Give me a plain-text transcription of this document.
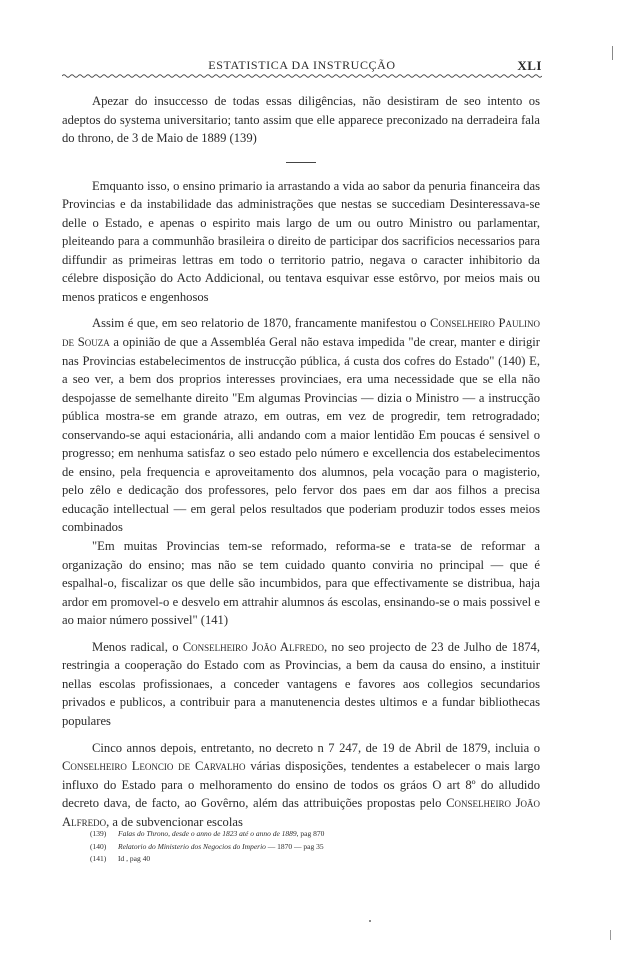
ESTATISTICA DA INSTRUCÇÃO	XLI

Apezar do insuccesso de todas essas diligências, não desistiram de seo intento os adeptos do systema universitario; tanto assim que elle apparece preconizado na derradeira fala do throno, de 3 de Maio de 1889 (139)

Emquanto isso, o ensino primario ia arrastando a vida ao sabor da penuria financeira das Provincias e da instabilidade das administrações que nestas se succediam Desinteressava-se delle o Estado, e apenas o espirito mais largo de um ou outro Ministro ou parlamentar, pleiteando para a communhão brasileira o direito de participar dos sacrificios necessarios para diffundir as primeiras lettras em todo o territorio patrio, negava o caracter inhibitorio da célebre disposição do Acto Addicional, ou tentava esquivar esse estôrvo, por meios mais ou menos praticos e engenhosos

Assim é que, em seo relatorio de 1870, francamente manifestou o Conselheiro Paulino de Souza a opinião de que a Assembléa Geral não estava impedida "de crear, manter e dirigir nas Provincias estabelecimentos de instrucção pública, á custa dos cofres do Estado" (140) E, a seo ver, a bem dos proprios interesses provinciaes, era uma necessidade que se ella não despojasse de semelhante direito "Em algumas Provincias — dizia o Ministro — a instrucção pública mostra-se em grande atrazo, em outras, em vez de progredir, tem retrogradado; conservando-se aqui estacionária, alli andando com a maior lentidão Em poucas é sensivel o progresso; em nenhuma satisfaz o seo estado pelo número e excellencia dos estabelecimentos de ensino, pela frequencia e aproveitamento dos alumnos, pela vocação para o magisterio, pelo zêlo e dedicação dos professores, pelo fervor dos paes em dar aos filhos a precisa educação intellectual — em geral pelos resultados que poderiam produzir todos esses meios combinados

"Em muitas Provincias tem-se reformado, reforma-se e trata-se de reformar a organização do ensino; mas não se tem cuidado quanto conviria no principal — que é espalhal-o, fiscalizar os que delle são incumbidos, para que effectivamente se distribua, haja ardor em promovel-o e desvelo em attrahir alumnos ás escolas, ensinando-se o mais possivel e ao maior número possivel" (141)

Menos radical, o Conselheiro João Alfredo, no seo projecto de 23 de Julho de 1874, restringia a cooperação do Estado com as Provincias, a bem da causa do ensino, a instituir nellas escolas profissionaes, a conceder vantagens e favores aos collegios secundarios privados e publicos, a contribuir para a manutenencia destes ultimos e a fundar bibliothecas populares

Cinco annos depois, entretanto, no decreto n 7 247, de 19 de Abril de 1879, incluia o Conselheiro Leoncio de Carvalho várias disposições, tendentes a estabelecer o mais largo influxo do Estado para o melhoramento do ensino de todos os gráos O art 8º do alludido decreto dava, de facto, ao Govêrno, além das attribuições propostas pelo Conselheiro João Alfredo, a de subvencionar escolas

(139) Falas do Throno, desde o anno de 1823 até o anno de 1889, pag 870
(140) Relatorio do Ministerio dos Negocios do Imperio — 1870 — pag 35
(141) Id , pag 40
